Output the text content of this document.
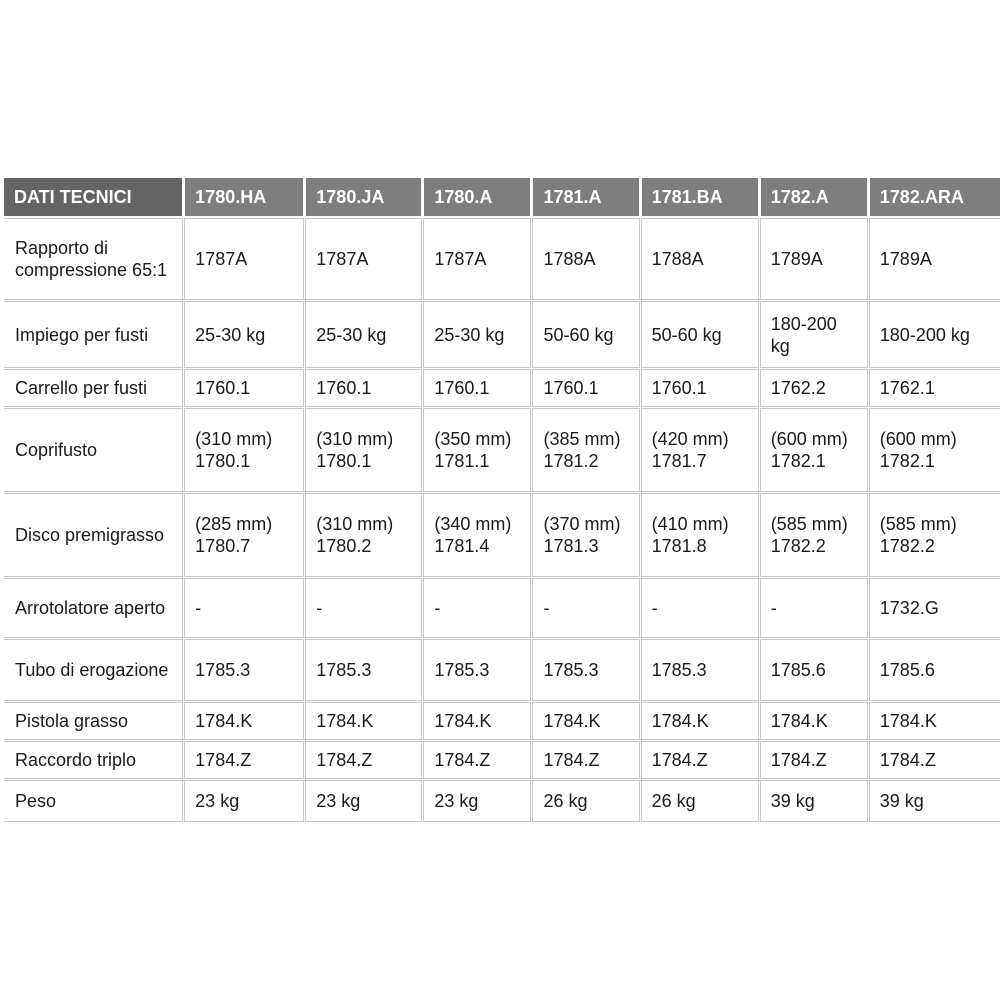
DATI TECNICI	1780.HA	1780.JA	1780.A	1781.A	1781.BA	1782.A	1782.ARA
Rapporto di compressione 65:1	1787A	1787A	1787A	1788A	1788A	1789A	1789A
Impiego per fusti	25-30 kg	25-30 kg	25-30 kg	50-60 kg	50-60 kg	180-200 kg	180-200 kg
Carrello per fusti	1760.1	1760.1	1760.1	1760.1	1760.1	1762.2	1762.1
Coprifusto	(310 mm) 1780.1	(310 mm) 1780.1	(350 mm) 1781.1	(385 mm) 1781.2	(420 mm) 1781.7	(600 mm) 1782.1	(600 mm) 1782.1
Disco premigrasso	(285 mm) 1780.7	(310 mm) 1780.2	(340 mm) 1781.4	(370 mm) 1781.3	(410 mm) 1781.8	(585 mm) 1782.2	(585 mm) 1782.2
Arrotolatore aperto	-	-	-	-	-	-	1732.G
Tubo di erogazione	1785.3	1785.3	1785.3	1785.3	1785.3	1785.6	1785.6
Pistola grasso	1784.K	1784.K	1784.K	1784.K	1784.K	1784.K	1784.K
Raccordo triplo	1784.Z	1784.Z	1784.Z	1784.Z	1784.Z	1784.Z	1784.Z
Peso	23 kg	23 kg	23 kg	26 kg	26 kg	39 kg	39 kg
